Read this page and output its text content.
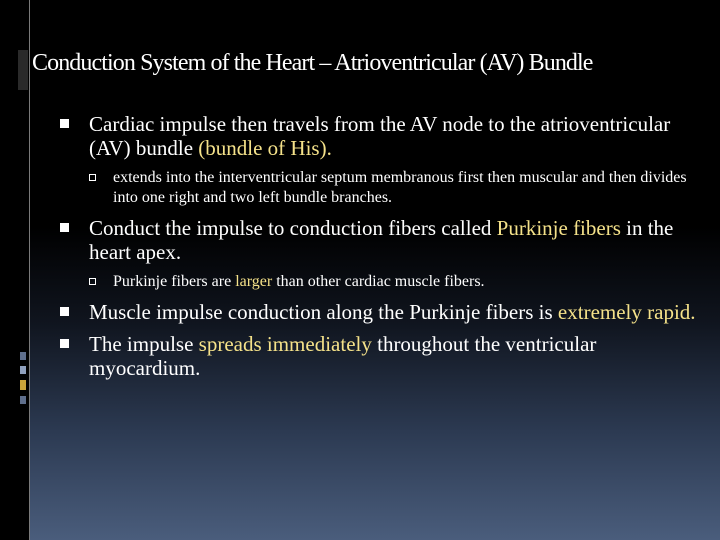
Conduction System of the Heart – Atrioventricular (AV) Bundle
Cardiac impulse then travels from the AV node to the atrioventricular (AV) bundle (bundle of His).
extends into the interventricular septum membranous first then muscular and then divides into one right and two left bundle branches.
Conduct the impulse to conduction fibers called Purkinje fibers in the heart apex.
Purkinje fibers are larger than other cardiac muscle fibers.
Muscle impulse conduction along the Purkinje fibers is extremely rapid.
The impulse spreads immediately throughout the ventricular myocardium.
